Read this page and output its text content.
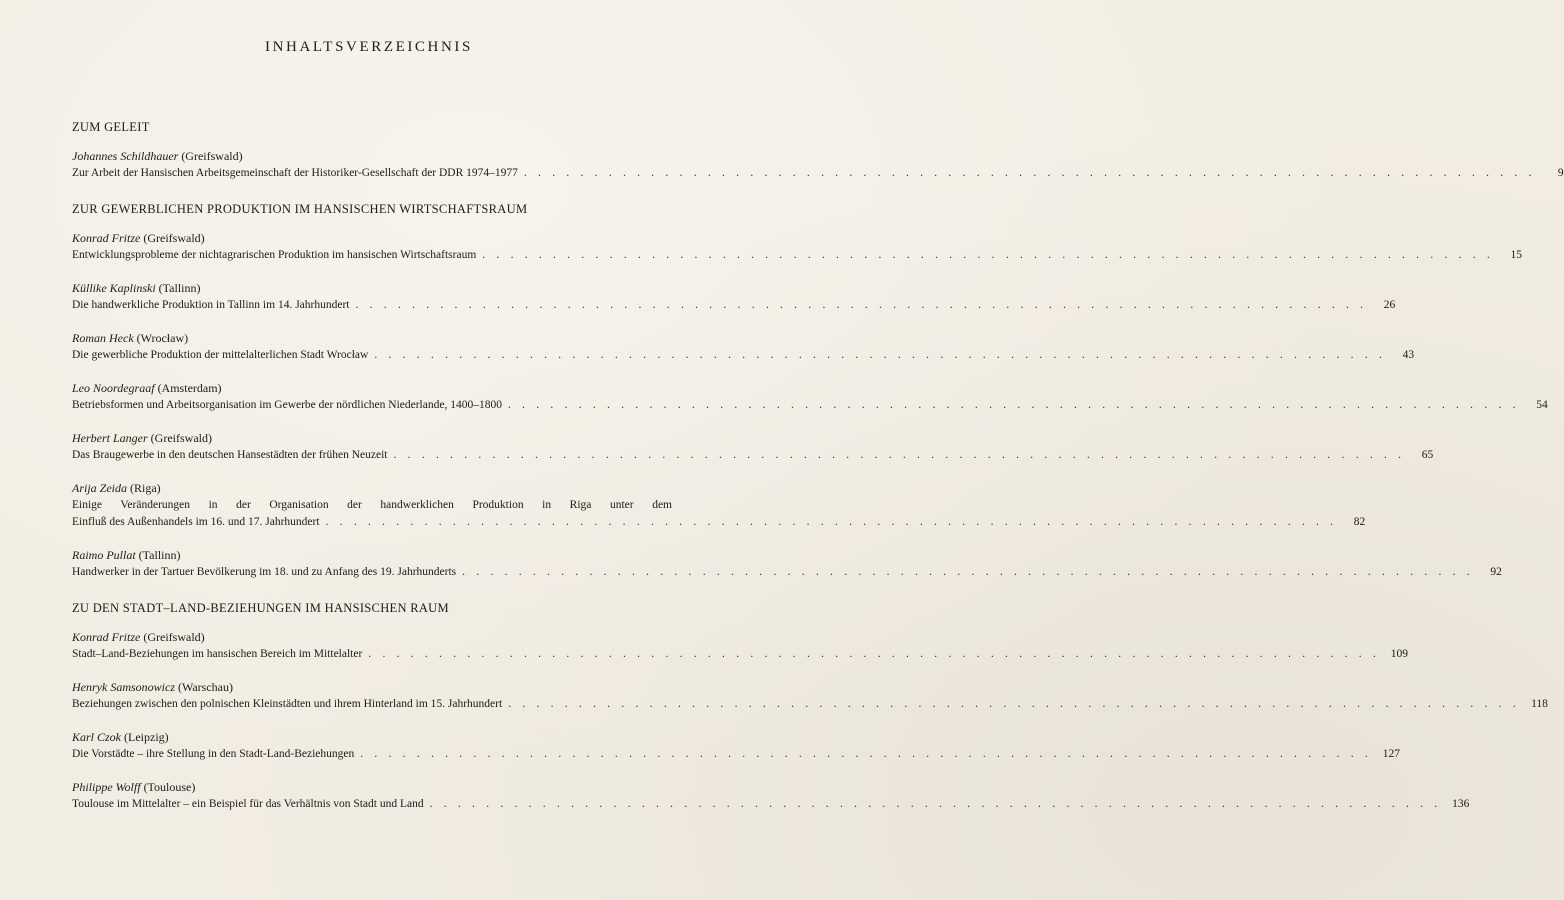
INHALTSVERZEICHNIS
ZUM GELEIT
Johannes Schildhauer (Greifswald)
Zur Arbeit der Hansischen Arbeitsgemeinschaft der Historiker-Gesellschaft der DDR 1974–1977 . . . . . . . . . . . . . . . . . . . . . . . . . . . . . . . . . . . . . . . . . . . . . . . . . . . . . . . . . . . . . . . . . . . . . . . .	9
ZUR GEWERBLICHEN PRODUKTION IM HANSISCHEN WIRTSCHAFTSRAUM
Konrad Fritze (Greifswald)
Entwicklungsprobleme der nichtagrarischen Produktion im hansischen Wirtschaftsraum . . . . . . . . . . . . . . . . . . . . . . . . . . . . . . . . . . . . . . . . . . . . . . . . . . . . . . . . . . . . . . . . . . . . . . . .	15
Küllike Kaplinski (Tallinn)
Die handwerkliche Produktion in Tallinn im 14. Jahrhundert . . . . . . . . . . . . . . . . . . . . . . . . . . . . . . . . . . . . . . . . . . . . . . . . . . . . . . . . . . . . . . . . . . . . . . . .	26
Roman Heck (Wrocław)
Die gewerbliche Produktion der mittelalterlichen Stadt Wrocław . . . . . . . . . . . . . . . . . . . . . . . . . . . . . . . . . . . . . . . . . . . . . . . . . . . . . . . . . . . . . . . . . . . . . . . .	43
Leo Noordegraaf (Amsterdam)
Betriebsformen und Arbeitsorganisation im Gewerbe der nördlichen Niederlande, 1400–1800 . . . . . . . . . . . . . . . . . . . . . . . . . . . . . . . . . . . . . . . . . . . . . . . . . . . . . . . . . . . . . . . . . . . . . . . .	54
Herbert Langer (Greifswald)
Das Braugewerbe in den deutschen Hansestädten der frühen Neuzeit . . . . . . . . . . . . . . . . . . . . . . . . . . . . . . . . . . . . . . . . . . . . . . . . . . . . . . . . . . . . . . . . . . . . . . . .	65
Arija Zeida (Riga)
Einige Veränderungen in der Organisation der handwerklichen Produktion in Riga unter dem
Einfluß des Außenhandels im 16. und 17. Jahrhundert . . . . . . . . . . . . . . . . . . . . . . . . . . . . . . . . . . . . . . . . . . . . . . . . . . . . . . . . . . . . . . . . . . . . . . . .	82
Raimo Pullat (Tallinn)
Handwerker in der Tartuer Bevölkerung im 18. und zu Anfang des 19. Jahrhunderts . . . . . . . . . . . . . . . . . . . . . . . . . . . . . . . . . . . . . . . . . . . . . . . . . . . . . . . . . . . . . . . . . . . . . . . .	92
ZU DEN STADT–LAND-BEZIEHUNGEN IM HANSISCHEN RAUM
Konrad Fritze (Greifswald)
Stadt–Land-Beziehungen im hansischen Bereich im Mittelalter . . . . . . . . . . . . . . . . . . . . . . . . . . . . . . . . . . . . . . . . . . . . . . . . . . . . . . . . . . . . . . . . . . . . . . . . 109
Henryk Samsonowicz (Warschau)
Beziehungen zwischen den polnischen Kleinstädten und ihrem Hinterland im 15. Jahrhundert . . . . . . . . . . . . . . . . . . . . . . . . . . . . . . . . . . . . . . . . . . . . . . . . . . . . . . . . . . . . . . . . . . . . . . . . 118
Karl Czok (Leipzig)
Die Vorstädte – ihre Stellung in den Stadt-Land-Beziehungen . . . . . . . . . . . . . . . . . . . . . . . . . . . . . . . . . . . . . . . . . . . . . . . . . . . . . . . . . . . . . . . . . . . . . . . . 127
Philippe Wolff (Toulouse)
Toulouse im Mittelalter – ein Beispiel für das Verhältnis von Stadt und Land . . . . . . . . . . . . . . . . . . . . . . . . . . . . . . . . . . . . . . . . . . . . . . . . . . . . . . . . . . . . . . . . . . . . . . . . 136
